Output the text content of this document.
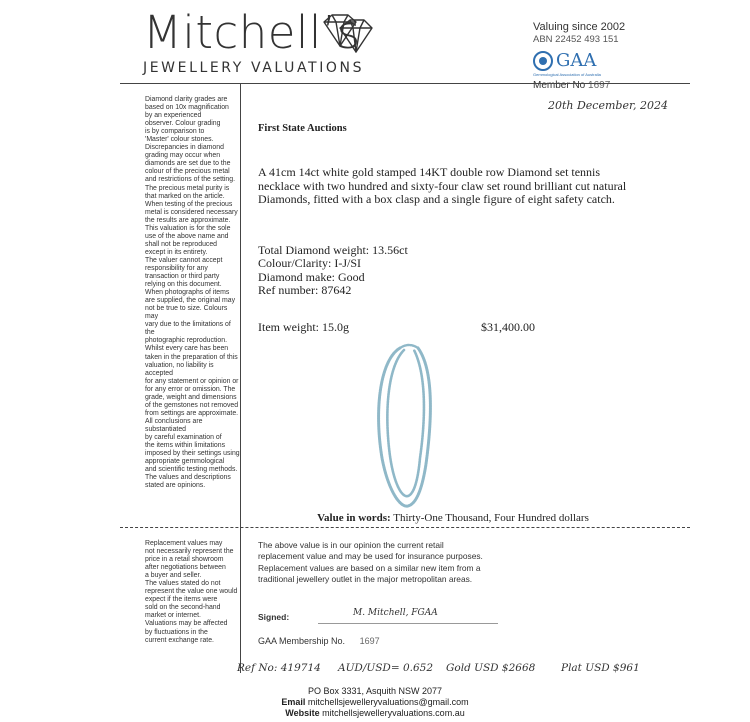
Mitchell’s
JEWELLERY VALUATIONS
Valuing since 2002
ABN 22452 493 151
GAA
Gemmological Association of Australia
Member No 1697
Diamond clarity grades are
based on 10x magnification
by an experienced
observer. Colour grading
is by comparison to
'Master' colour stones.
Discrepancies in diamond
grading may occur when
diamonds are set due to the
colour of the precious metal
and restrictions of the setting.
The precious metal purity is
that marked on the article.
When testing of the precious
metal is considered necessary
the results are approximate.
This valuation is for the sole
use of the above name and
shall not be reproduced
except in its entirety.
The valuer cannot accept
responsibility for any
transaction or third party
relying on this document.
When photographs of items
are supplied, the original may
not be true to size. Colours may
vary due to the limitations of the
photographic reproduction.
Whilst every care has been
taken in the preparation of this
valuation, no liability is accepted
for any statement or opinion or
for any error or omission. The
grade, weight and dimensions
of the gemstones not removed
from settings are approximate.
All conclusions are substantiated
by careful examination of
the items within limitations
imposed by their settings using
appropriate gemmological
and scientific testing methods.
The values and descriptions
stated are opinions.
Replacement values may
not necessarily represent the
price in a retail showroom
after negotiations between
a buyer and seller.
The values stated do not
represent the value one would
expect if the items were
sold on the second-hand
market or internet.
Valuations may be affected
by fluctuations in the
current exchange rate.
20th December, 2024
First State Auctions
A 41cm 14ct white gold stamped 14KT double row Diamond set tennis necklace with two hundred and sixty-four claw set round brilliant cut natural Diamonds, fitted with a box clasp and a single figure of eight safety catch.
Total Diamond weight: 13.56ct
Colour/Clarity: I-J/SI
Diamond make: Good
Ref number: 87642
Item weight: 15.0g	$31,400.00
Value in words: Thirty-One Thousand, Four Hundred dollars
The above value is in our opinion the current retail replacement value and may be used for insurance purposes. Replacement values are based on a similar new item from a traditional jewellery outlet in the major metropolitan areas.
Signed:	M. Mitchell, FGAA
GAA Membership No. 1697
Ref No: 419714 AUD/USD= 0.652 Gold USD $2668 Plat USD $961
PO Box 3331, Asquith NSW 2077
Email mitchellsjewelleryvaluations@gmail.com
Website mitchellsjewelleryvaluations.com.au
